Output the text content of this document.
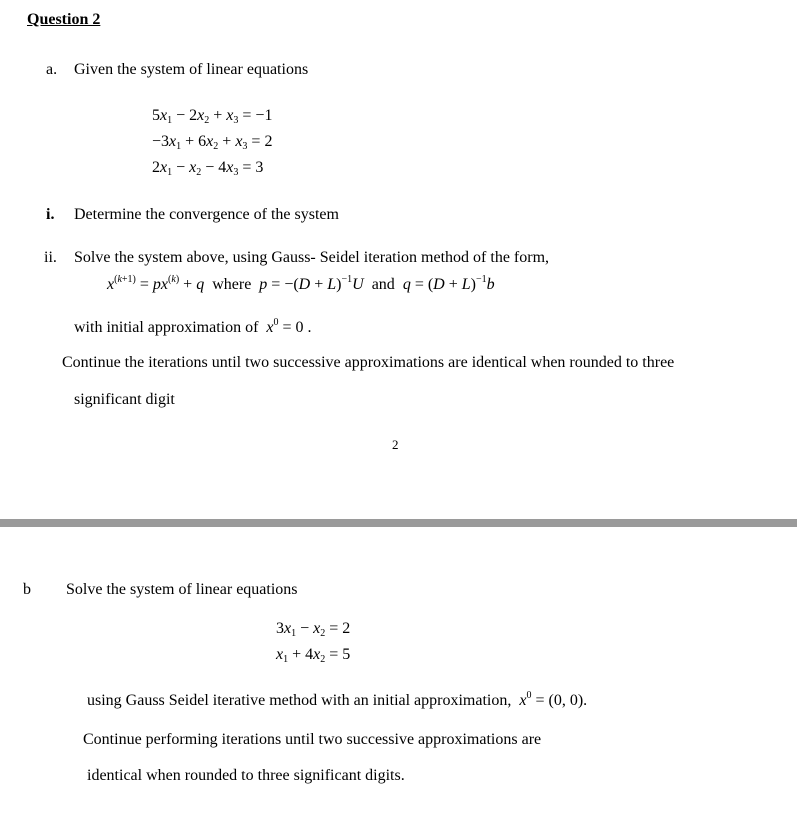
Question 2
a. Given the system of linear equations
$5x_1 - 2x_2 + x_3 = -1$
$-3x_1 + 6x_2 + x_3 = 2$
$2x_1 - x_2 - 4x_3 = 3$
i. Determine the convergence of the system
ii. Solve the system above, using Gauss- Seidel iteration method of the form,
$x^{(k+1)} = px^{(k)} + q$  where  $p = -(D + L)^{-1}U$  and  $q = (D + L)^{-1}b$
with initial approximation of $x^0 = 0$ .
Continue the iterations until two successive approximations are identical when rounded to three
significant digit
2
b Solve the system of linear equations
$3x_1 - x_2 = 2$
$x_1 + 4x_2 = 5$
using Gauss Seidel iterative method with an initial approximation, $x^0 = (0$, 0).
Continue performing iterations until two successive approximations are
identical when rounded to three significant digits.
